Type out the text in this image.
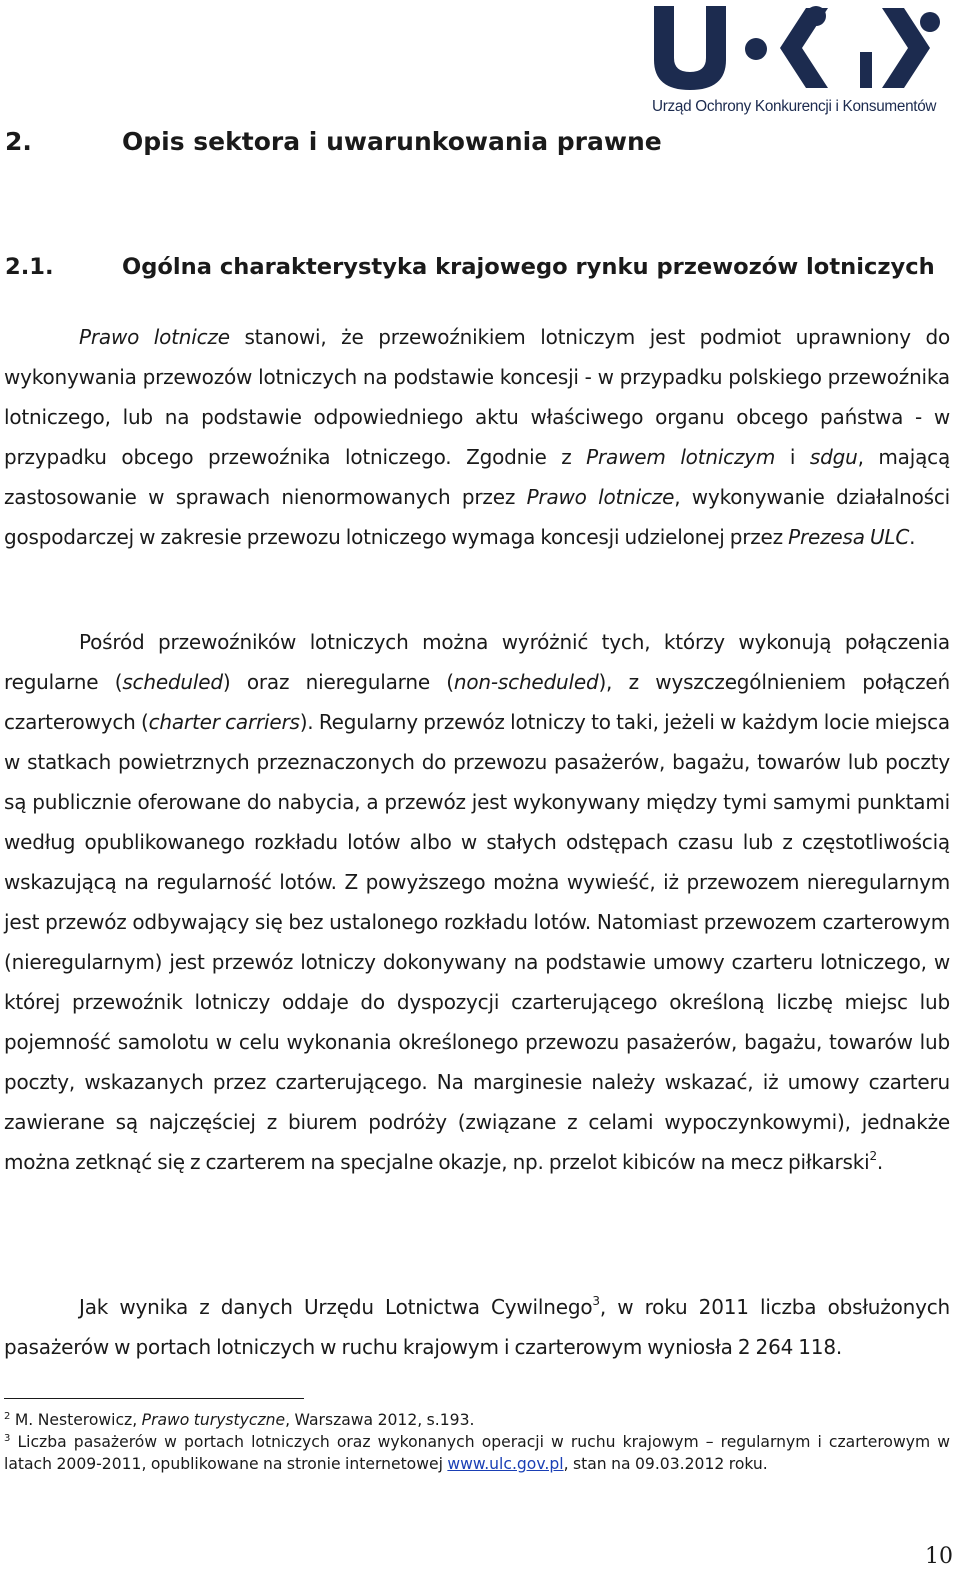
Urząd Ochrony Konkurencji i Konsumentów
2.	Opis sektora i uwarunkowania prawne
2.1.	Ogólna charakterystyka krajowego rynku przewozów lotniczych

Prawo lotnicze stanowi, że przewoźnikiem lotniczym jest podmiot uprawniony do wykonywania przewozów lotniczych na podstawie koncesji - w przypadku polskiego przewoźnika lotniczego, lub na podstawie odpowiedniego aktu właściwego organu obcego państwa - w przypadku obcego przewoźnika lotniczego. Zgodnie z Prawem lotniczym i sdgu, mającą zastosowanie w sprawach nienormowanych przez Prawo lotnicze, wykonywanie działalności gospodarczej w zakresie przewozu lotniczego wymaga koncesji udzielonej przez Prezesa ULC.

Pośród przewoźników lotniczych można wyróżnić tych, którzy wykonują połączenia regularne (scheduled) oraz nieregularne (non-scheduled), z wyszczególnieniem połączeń czarterowych (charter carriers). Regularny przewóz lotniczy to taki, jeżeli w każdym locie miejsca w statkach powietrznych przeznaczonych do przewozu pasażerów, bagażu, towarów lub poczty są publicznie oferowane do nabycia, a przewóz jest wykonywany między tymi samymi punktami według opublikowanego rozkładu lotów albo w stałych odstępach czasu lub z częstotliwością wskazującą na regularność lotów. Z powyższego można wywieść, iż przewozem nieregularnym jest przewóz odbywający się bez ustalonego rozkładu lotów. Natomiast przewozem czarterowym (nieregularnym) jest przewóz lotniczy dokonywany na podstawie umowy czarteru lotniczego, w której przewoźnik lotniczy oddaje do dyspozycji czarterującego określoną liczbę miejsc lub pojemność samolotu w celu wykonania określonego przewozu pasażerów, bagażu, towarów lub poczty, wskazanych przez czarterującego. Na marginesie należy wskazać, iż umowy czarteru zawierane są najczęściej z biurem podróży (związane z celami wypoczynkowymi), jednakże można zetknąć się z czarterem na specjalne okazje, np. przelot kibiców na mecz piłkarski$^2$.

Jak wynika z danych Urzędu Lotnictwa Cywilnego$^3$, w roku 2011 liczba obsłużonych pasażerów w portach lotniczych w ruchu krajowym i czarterowym wyniosła 2 264 118.

$^2$ M. Nesterowicz, Prawo turystyczne, Warszawa 2012, s.193.

$^3$ Liczba pasażerów w portach lotniczych oraz wykonanych operacji w ruchu krajowym – regularnym i czarterowym w latach 2009-2011, opublikowane na stronie internetowej www.ulc.gov.pl, stan na 09.03.2012 roku.

10
